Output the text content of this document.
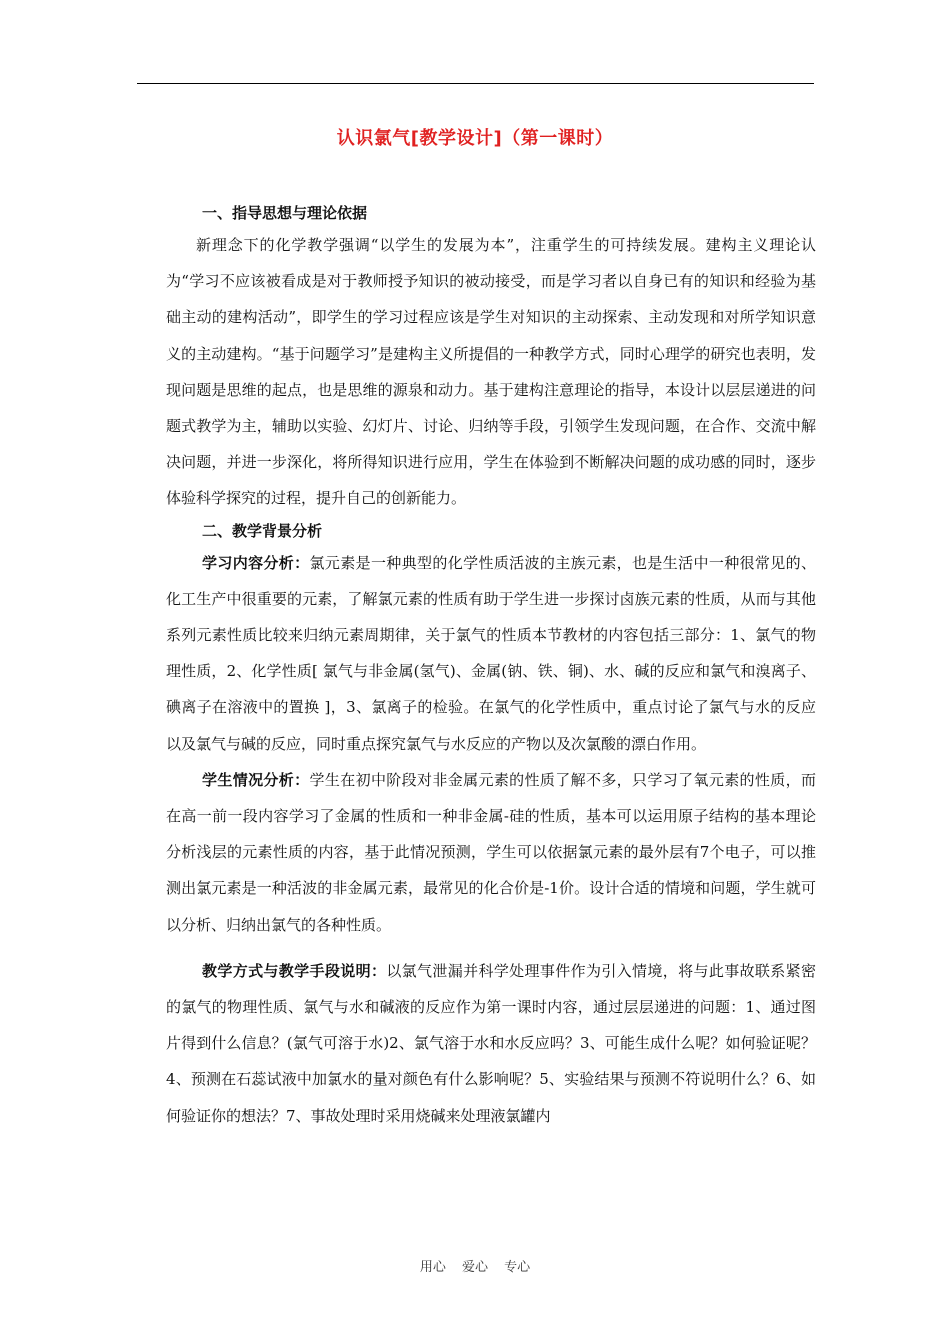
认识氯气[教学设计]（第一课时）
一、指导思想与理论依据

新理念下的化学教学强调“以学生的发展为本”，注重学生的可持续发展。建构主义理论认为“学习不应该被看成是对于教师授予知识的被动接受，而是学习者以自身已有的知识和经验为基础主动的建构活动”，即学生的学习过程应该是学生对知识的主动探索、主动发现和对所学知识意义的主动建构。“基于问题学习”是建构主义所提倡的一种教学方式，同时心理学的研究也表明，发现问题是思维的起点，也是思维的源泉和动力。基于建构注意理论的指导，本设计以层层递进的问题式教学为主，辅助以实验、幻灯片、讨论、归纳等手段，引领学生发现问题，在合作、交流中解决问题，并进一步深化，将所得知识进行应用，学生在体验到不断解决问题的成功感的同时，逐步体验科学探究的过程，提升自己的创新能力。

二、教学背景分析

学习内容分析：氯元素是一种典型的化学性质活波的主族元素，也是生活中一种很常见的、化工生产中很重要的元素，了解氯元素的性质有助于学生进一步探讨卤族元素的性质，从而与其他系列元素性质比较来归纳元素周期律，关于氯气的性质本节教材的内容包括三部分：1、氯气的物理性质，2、化学性质[ 氯气与非金属(氢气)、金属(钠、铁、铜)、水、碱的反应和氯气和溴离子、碘离子在溶液中的置换 ]，3、氯离子的检验。在氯气的化学性质中，重点讨论了氯气与水的反应以及氯气与碱的反应，同时重点探究氯气与水反应的产物以及次氯酸的漂白作用。

学生情况分析：学生在初中阶段对非金属元素的性质了解不多，只学习了氧元素的性质，而在高一前一段内容学习了金属的性质和一种非金属-硅的性质，基本可以运用原子结构的基本理论分析浅层的元素性质的内容，基于此情况预测，学生可以依据氯元素的最外层有7个电子，可以推测出氯元素是一种活波的非金属元素，最常见的化合价是-1价。设计合适的情境和问题，学生就可以分析、归纳出氯气的各种性质。

教学方式与教学手段说明：以氯气泄漏并科学处理事件作为引入情境，将与此事故联系紧密的氯气的物理性质、氯气与水和碱液的反应作为第一课时内容，通过层层递进的问题：1、通过图片得到什么信息？(氯气可溶于水)2、氯气溶于水和水反应吗？3、可能生成什么呢？如何验证呢？4、预测在石蕊试液中加氯水的量对颜色有什么影响呢？5、实验结果与预测不符说明什么？6、如何验证你的想法？7、事故处理时采用烧碱来处理液氯罐内

用心 爱心 专心
